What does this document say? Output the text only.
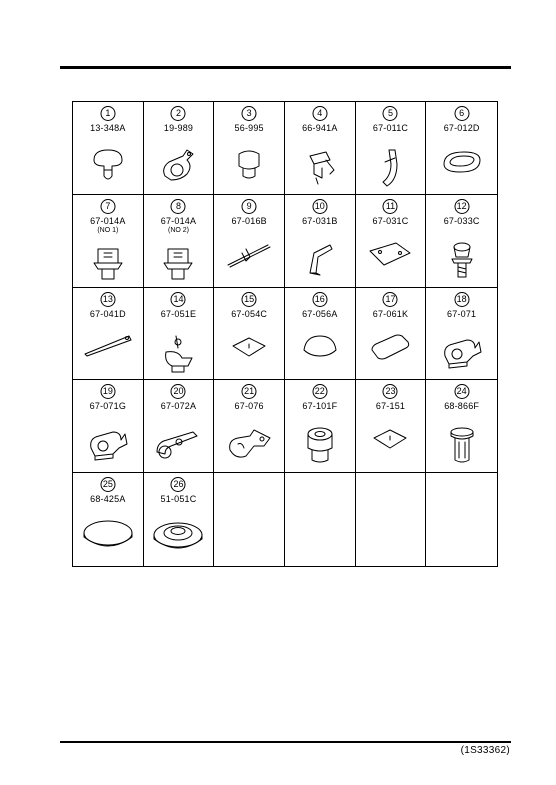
1
13-348A
2
19-989
3
56-995
4
66-941A
5
67-011C
6
67-012D
7
67-014A
(NO 1)
8
67-014A
(NO 2)
9
67-016B
10
67-031B
11
67-031C
12
67-033C
13
67-041D
14
67-051E
15
67-054C
16
67-056A
17
67-061K
18
67-071
19
67-071G
20
67-072A
21
67-076
22
67-101F
23
67-151
24
68-866F
25
68-425A
26
51-051C
(1S33362)
